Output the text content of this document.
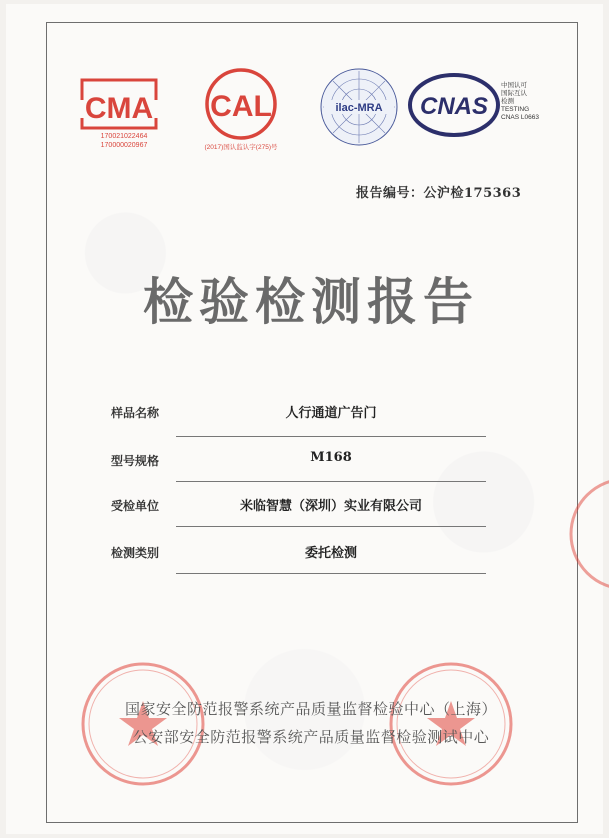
CMA
170021022464
170000020967
CAL
(2017)国认监认字(275)号
ilac-MRA CNAS
中国认可
国际互认
检测
TESTING
CNAS L0663
报告编号：公沪检175363
检验检测报告
样品名称	人行通道广告门
型号规格	M168
受检单位	米临智慧（深圳）实业有限公司
检测类别	委托检测
国家安全防范报警系统产品质量监督检验中心（上海）
公安部安全防范报警系统产品质量监督检验测试中心
